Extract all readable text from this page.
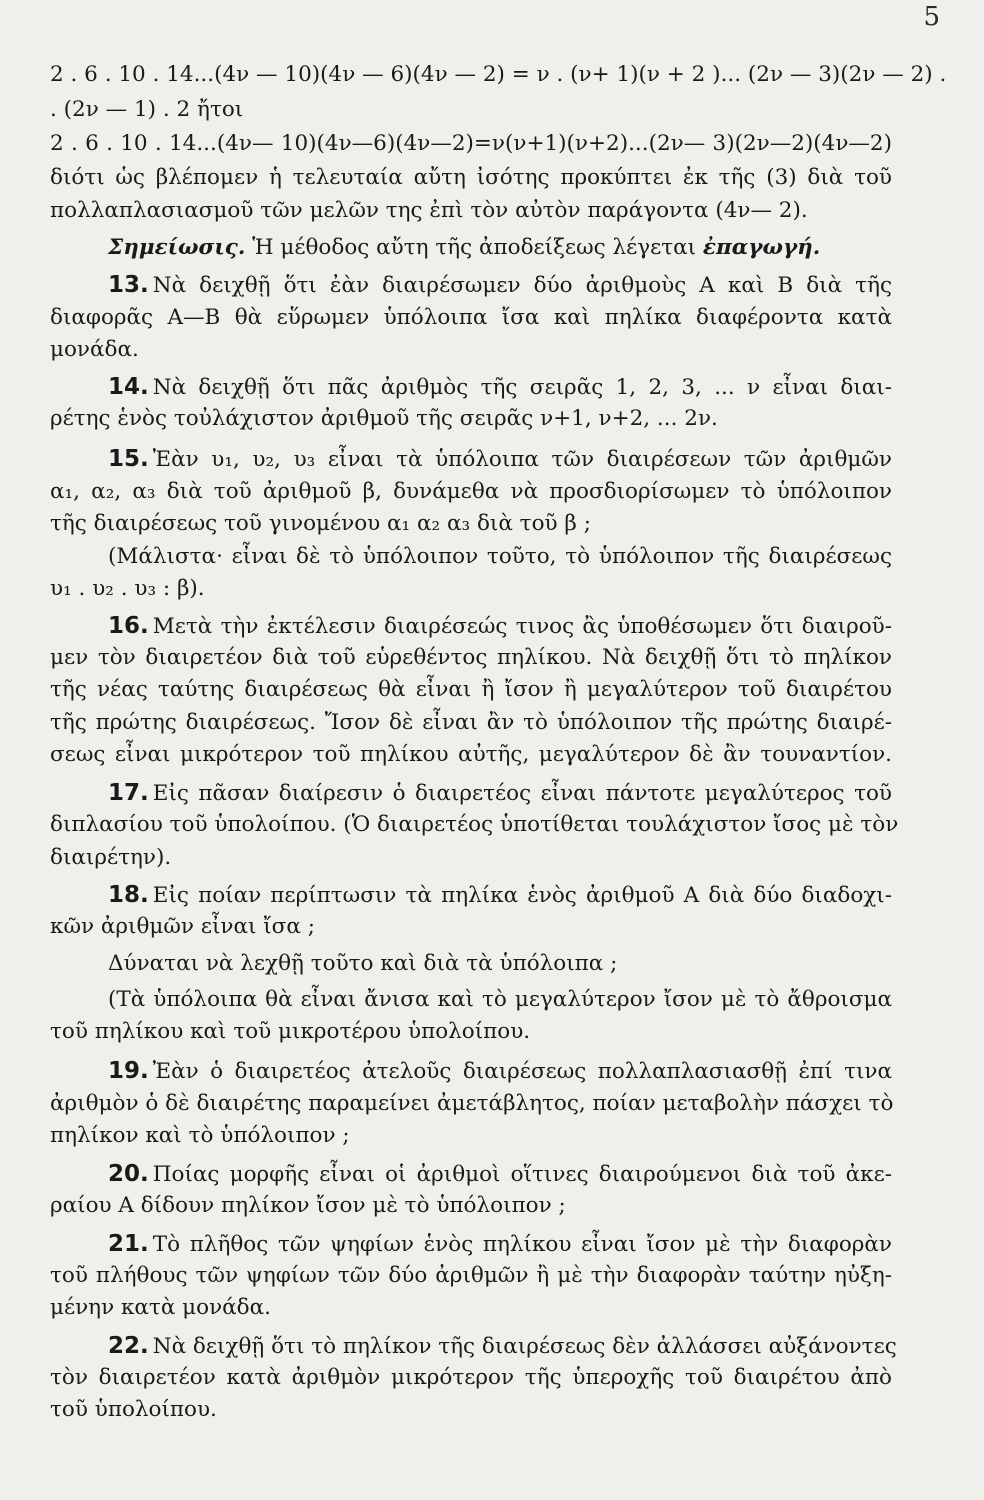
5
2 . 6 . 10 . 14...(4ν — 10)(4ν — 6)(4ν — 2) = ν . (ν+ 1)(ν + 2 )... (2ν — 3)(2ν — 2) .
. (2ν — 1) . 2 ἤτοι
2 . 6 . 10 . 14...(4ν— 10)(4ν—6)(4ν—2)=ν(ν+1)(ν+2)...(2ν— 3)(2ν—2)(4ν—2)
διότι ὡς βλέπομεν ἡ τελευταία αὔτη ἰσότης προκύπτει ἐκ τῆς (3) διὰ τοῦ
πολλαπλασιασμοῦ τῶν μελῶν της ἐπὶ τὸν αὐτὸν παράγοντα (4ν— 2).
Σημείωσις. Ἡ μέθοδος αὔτη τῆς ἀποδείξεως λέγεται ἐπαγωγή.
13. Νὰ δειχθῇ ὅτι ἐὰν διαιρέσωμεν δύο ἀριθμοὺς Α καὶ Β διὰ τῆς
διαφορᾶς Α—Β θὰ εὕρωμεν ὑπόλοιπα ἴσα καὶ πηλίκα διαφέροντα κατὰ
μονάδα.
14. Νὰ δειχθῇ ὅτι πᾶς ἀριθμὸς τῆς σειρᾶς 1, 2, 3, ... ν εἶναι διαι-
ρέτης ἑνὸς τοὐλάχιστον ἀριθμοῦ τῆς σειρᾶς ν+1, ν+2, ... 2ν.
15. Ἐὰν υ₁, υ₂, υ₃ εἶναι τὰ ὑπόλοιπα τῶν διαιρέσεων τῶν ἀριθμῶν
α₁, α₂, α₃ διὰ τοῦ ἀριθμοῦ β, δυνάμεθα νὰ προσδιορίσωμεν τὸ ὑπόλοιπον
τῆς διαιρέσεως τοῦ γινομένου α₁ α₂ α₃ διὰ τοῦ β ;
(Μάλιστα· εἶναι δὲ τὸ ὑπόλοιπον τοῦτο, τὸ ὑπόλοιπον τῆς διαιρέσεως
υ₁ . υ₂ . υ₃ : β).
16. Μετὰ τὴν ἐκτέλεσιν διαιρέσεώς τινος ἂς ὑποθέσωμεν ὅτι διαιροῦ-
μεν τὸν διαιρετέον διὰ τοῦ εὑρεθέντος πηλίκου. Νὰ δειχθῇ ὅτι τὸ πηλίκον
τῆς νέας ταύτης διαιρέσεως θὰ εἶναι ἢ ἴσον ἢ μεγαλύτερον τοῦ διαιρέτου
τῆς πρώτης διαιρέσεως. Ἴσον δὲ εἶναι ἂν τὸ ὑπόλοιπον τῆς πρώτης διαιρέ-
σεως εἶναι μικρότερον τοῦ πηλίκου αὐτῆς, μεγαλύτερον δὲ ἂν τουναντίον.
17. Εἰς πᾶσαν διαίρεσιν ὁ διαιρετέος εἶναι πάντοτε μεγαλύτερος τοῦ
διπλασίου τοῦ ὑπολοίπου. (Ὁ διαιρετέος ὑποτίθεται τουλάχιστον ἴσος μὲ τὸν
διαιρέτην).
18. Εἰς ποίαν περίπτωσιν τὰ πηλίκα ἑνὸς ἀριθμοῦ Α διὰ δύο διαδοχι-
κῶν ἀριθμῶν εἶναι ἴσα ;
Δύναται νὰ λεχθῇ τοῦτο καὶ διὰ τὰ ὑπόλοιπα ;
(Τὰ ὑπόλοιπα θὰ εἶναι ἄνισα καὶ τὸ μεγαλύτερον ἴσον μὲ τὸ ἄθροισμα
τοῦ πηλίκου καὶ τοῦ μικροτέρου ὑπολοίπου.
19. Ἐὰν ὁ διαιρετέος ἀτελοῦς διαιρέσεως πολλαπλασιασθῇ ἐπί τινα
ἀριθμὸν ὁ δὲ διαιρέτης παραμείνει ἀμετάβλητος, ποίαν μεταβολὴν πάσχει τὸ
πηλίκον καὶ τὸ ὑπόλοιπον ;
20. Ποίας μορφῆς εἶναι οἱ ἀριθμοὶ οἵτινες διαιρούμενοι διὰ τοῦ ἀκε-
ραίου Α δίδουν πηλίκον ἴσον μὲ τὸ ὑπόλοιπον ;
21. Τὸ πλῆθος τῶν ψηφίων ἑνὸς πηλίκου εἶναι ἴσον μὲ τὴν διαφορὰν
τοῦ πλήθους τῶν ψηφίων τῶν δύο ἀριθμῶν ἢ μὲ τὴν διαφορὰν ταύτην ηὐξη-
μένην κατὰ μονάδα.
22. Νὰ δειχθῇ ὅτι τὸ πηλίκον τῆς διαιρέσεως δὲν ἀλλάσσει αὐξάνοντες
τὸν διαιρετέον κατὰ ἀριθμὸν μικρότερον τῆς ὑπεροχῆς τοῦ διαιρέτου ἀπὸ
τοῦ ὑπολοίπου.
